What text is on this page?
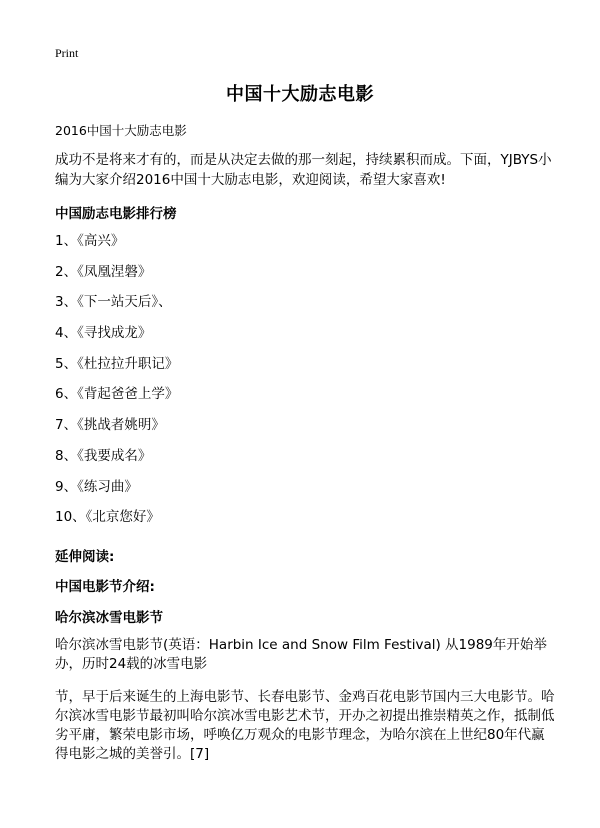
Print
中国十大励志电影
2016中国十大励志电影
成功不是将来才有的，而是从决定去做的那一刻起，持续累积而成。下面，YJBYS小编为大家介绍2016中国十大励志电影，欢迎阅读，希望大家喜欢!
中国励志电影排行榜
1、《高兴》
2、《凤凰涅磐》
3、《下一站天后》、
4、《寻找成龙》
5、《杜拉拉升职记》
6、《背起爸爸上学》
7、《挑战者姚明》
8、《我要成名》
9、《练习曲》
10、《北京您好》
延伸阅读:
中国电影节介绍:
哈尔滨冰雪电影节
哈尔滨冰雪电影节(英语：Harbin Ice and Snow Film Festival) 从1989年开始举办，历时24载的冰雪电影
节，早于后来诞生的上海电影节、长春电影节、金鸡百花电影节国内三大电影节。哈尔滨冰雪电影节最初叫哈尔滨冰雪电影艺术节，开办之初提出推崇精英之作，抵制低劣平庸，繁荣电影市场，呼唤亿万观众的电影节理念，为哈尔滨在上世纪80年代赢得电影之城的美誉引。[7]
